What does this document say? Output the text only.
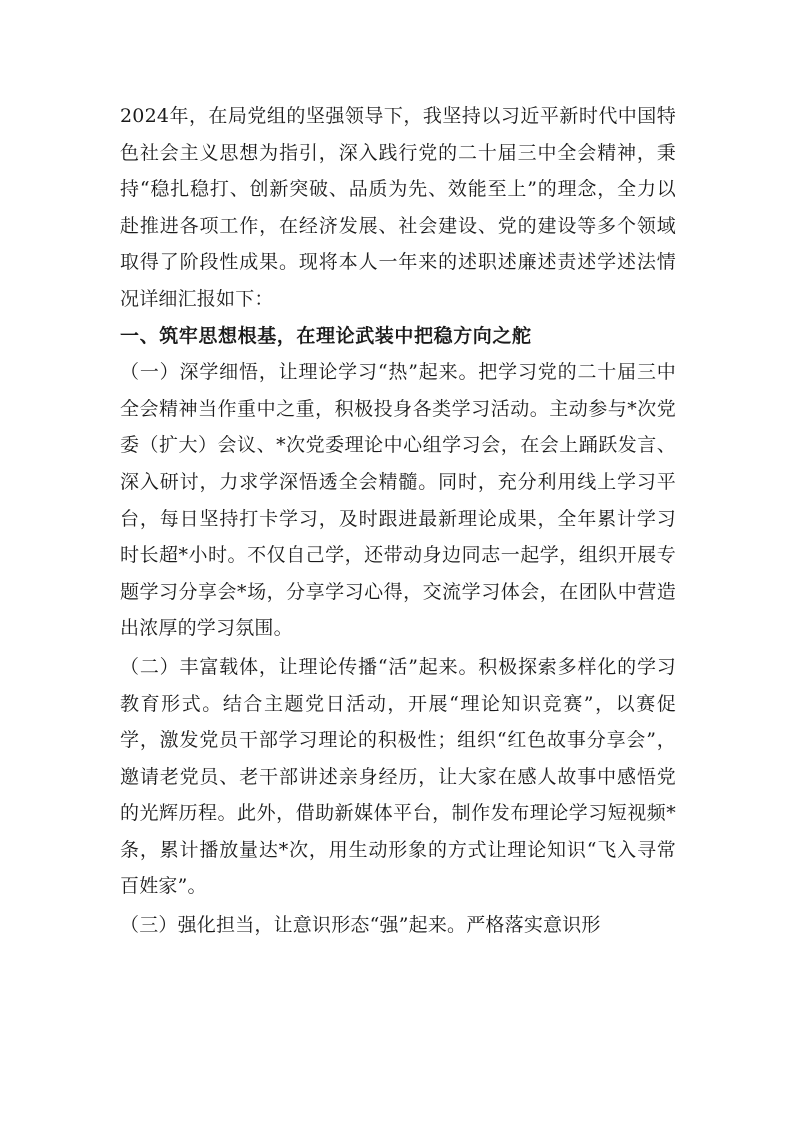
2024年，在局党组的坚强领导下，我坚持以习近平新时代中国特色社会主义思想为指引，深入践行党的二十届三中全会精神，秉持“稳扎稳打、创新突破、品质为先、效能至上”的理念，全力以赴推进各项工作，在经济发展、社会建设、党的建设等多个领域取得了阶段性成果。现将本人一年来的述职述廉述责述学述法情况详细汇报如下：

一、筑牢思想根基，在理论武装中把稳方向之舵

（一）深学细悟，让理论学习“热”起来。把学习党的二十届三中全会精神当作重中之重，积极投身各类学习活动。主动参与*次党委（扩大）会议、*次党委理论中心组学习会，在会上踊跃发言、深入研讨，力求学深悟透全会精髓。同时，充分利用线上学习平台，每日坚持打卡学习，及时跟进最新理论成果，全年累计学习时长超*小时。不仅自己学，还带动身边同志一起学，组织开展专题学习分享会*场，分享学习心得，交流学习体会，在团队中营造出浓厚的学习氛围。

（二）丰富载体，让理论传播“活”起来。积极探索多样化的学习教育形式。结合主题党日活动，开展“理论知识竞赛”，以赛促学，激发党员干部学习理论的积极性；组织“红色故事分享会”，邀请老党员、老干部讲述亲身经历，让大家在感人故事中感悟党的光辉历程。此外，借助新媒体平台，制作发布理论学习短视频*条，累计播放量达*次，用生动形象的方式让理论知识“飞入寻常百姓家”。

（三）强化担当，让意识形态“强”起来。严格落实意识形
